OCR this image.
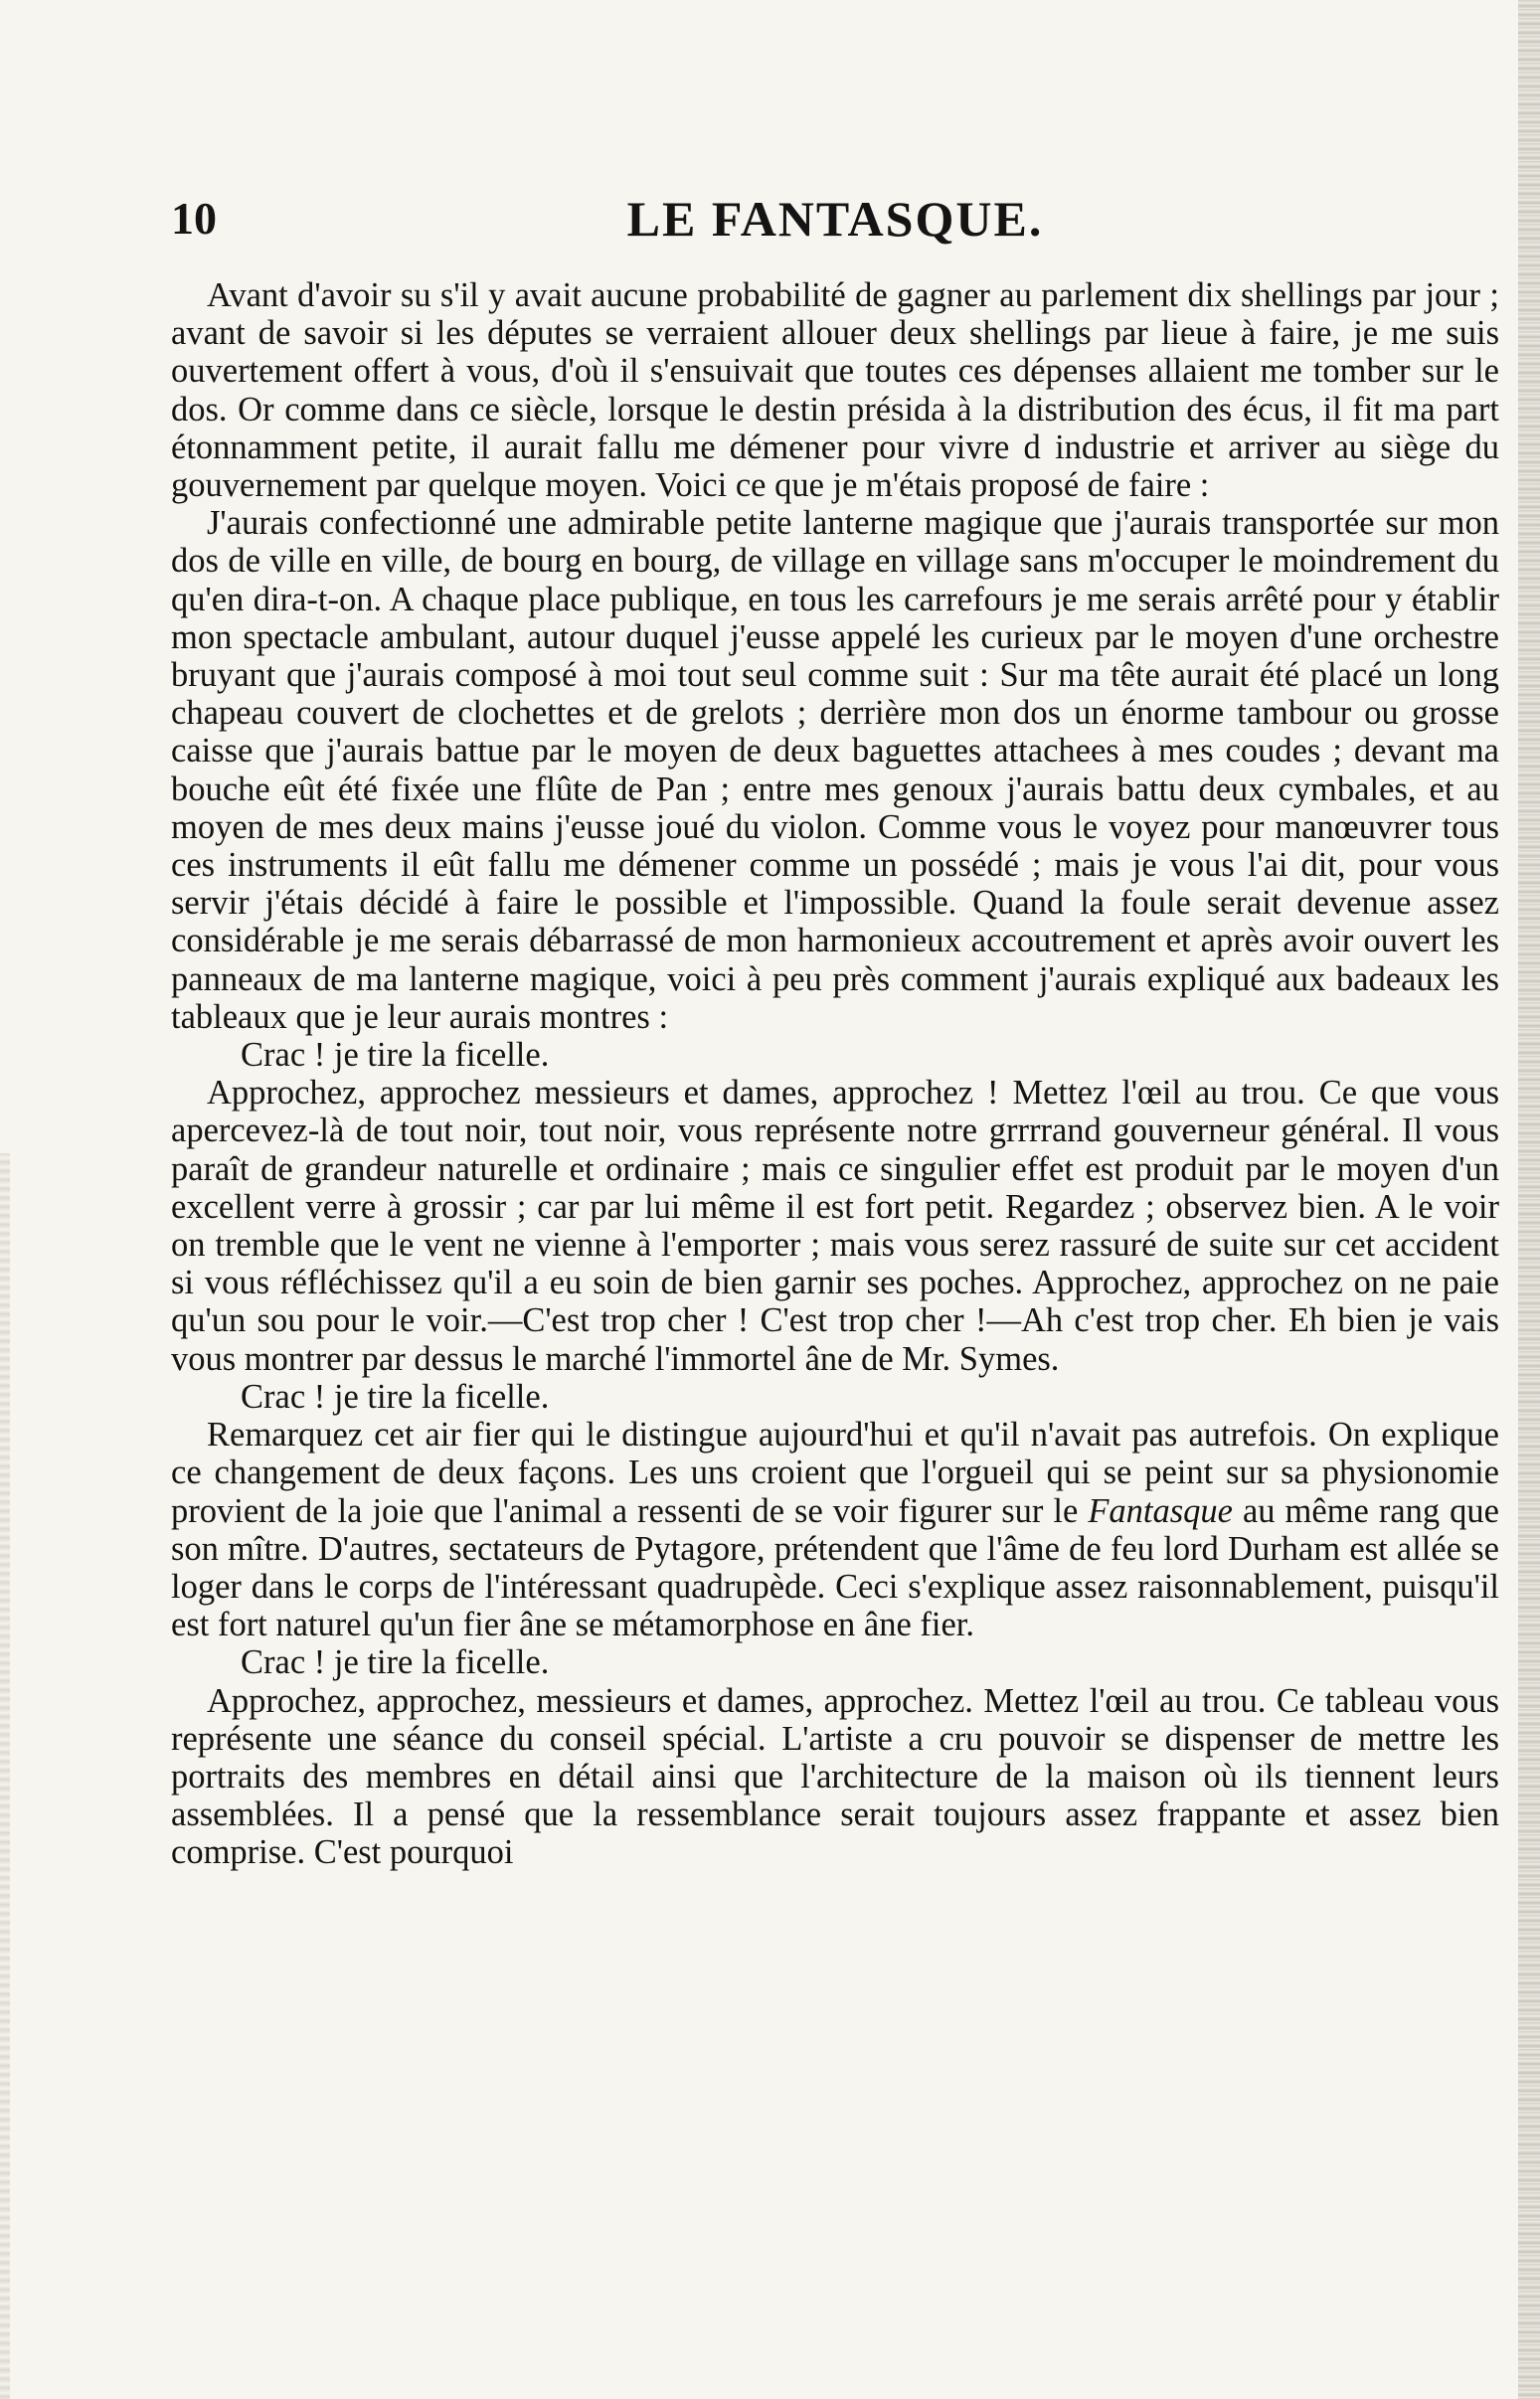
10	LE FANTASQUE.

Avant d'avoir su s'il y avait aucune probabilité de gagner au parlement dix shellings par jour ; avant de savoir si les députes se verraient allouer deux shellings par lieue à faire, je me suis ouvertement offert à vous, d'où il s'ensuivait que toutes ces dépenses allaient me tomber sur le dos. Or comme dans ce siècle, lorsque le destin présida à la distribution des écus, il fit ma part étonnamment petite, il aurait fallu me démener pour vivre d industrie et arriver au siège du gouvernement par quelque moyen. Voici ce que je m'étais proposé de faire :

J'aurais confectionné une admirable petite lanterne magique que j'aurais transportée sur mon dos de ville en ville, de bourg en bourg, de village en village sans m'occuper le moindrement du qu'en dira-t-on. A chaque place publique, en tous les carrefours je me serais arrêté pour y établir mon spectacle ambulant, autour duquel j'eusse appelé les curieux par le moyen d'une orchestre bruyant que j'aurais composé à moi tout seul comme suit : Sur ma tête aurait été placé un long chapeau couvert de clochettes et de grelots ; derrière mon dos un énorme tambour ou grosse caisse que j'aurais battue par le moyen de deux baguettes attachees à mes coudes ; devant ma bouche eût été fixée une flûte de Pan ; entre mes genoux j'aurais battu deux cymbales, et au moyen de mes deux mains j'eusse joué du violon. Comme vous le voyez pour manœuvrer tous ces instruments il eût fallu me démener comme un possédé ; mais je vous l'ai dit, pour vous servir j'étais décidé à faire le possible et l'impossible. Quand la foule serait devenue assez considérable je me serais débarrassé de mon harmonieux accoutrement et après avoir ouvert les panneaux de ma lanterne magique, voici à peu près comment j'aurais expliqué aux badeaux les tableaux que je leur aurais montres :

Crac ! je tire la ficelle.

Approchez, approchez messieurs et dames, approchez ! Mettez l'œil au trou. Ce que vous apercevez-là de tout noir, tout noir, vous représente notre grrrrand gouverneur général. Il vous paraît de grandeur naturelle et ordinaire ; mais ce singulier effet est produit par le moyen d'un excellent verre à grossir ; car par lui même il est fort petit. Regardez ; observez bien. A le voir on tremble que le vent ne vienne à l'emporter ; mais vous serez rassuré de suite sur cet accident si vous réfléchissez qu'il a eu soin de bien garnir ses poches. Approchez, approchez on ne paie qu'un sou pour le voir.—C'est trop cher ! C'est trop cher !—Ah c'est trop cher. Eh bien je vais vous montrer par dessus le marché l'immortel âne de Mr. Symes.

Crac ! je tire la ficelle.

Remarquez cet air fier qui le distingue aujourd'hui et qu'il n'avait pas autrefois. On explique ce changement de deux façons. Les uns croient que l'orgueil qui se peint sur sa physionomie provient de la joie que l'animal a ressenti de se voir figurer sur le Fantasque au même rang que son mître. D'autres, sectateurs de Pytagore, prétendent que l'âme de feu lord Durham est allée se loger dans le corps de l'intéressant quadrupède. Ceci s'explique assez raisonnablement, puisqu'il est fort naturel qu'un fier âne se métamorphose en âne fier.

Crac ! je tire la ficelle.

Approchez, approchez, messieurs et dames, approchez. Mettez l'œil au trou. Ce tableau vous représente une séance du conseil spécial. L'artiste a cru pouvoir se dispenser de mettre les portraits des membres en détail ainsi que l'architecture de la maison où ils tiennent leurs assemblées. Il a pensé que la ressemblance serait toujours assez frappante et assez bien comprise. C'est pourquoi
